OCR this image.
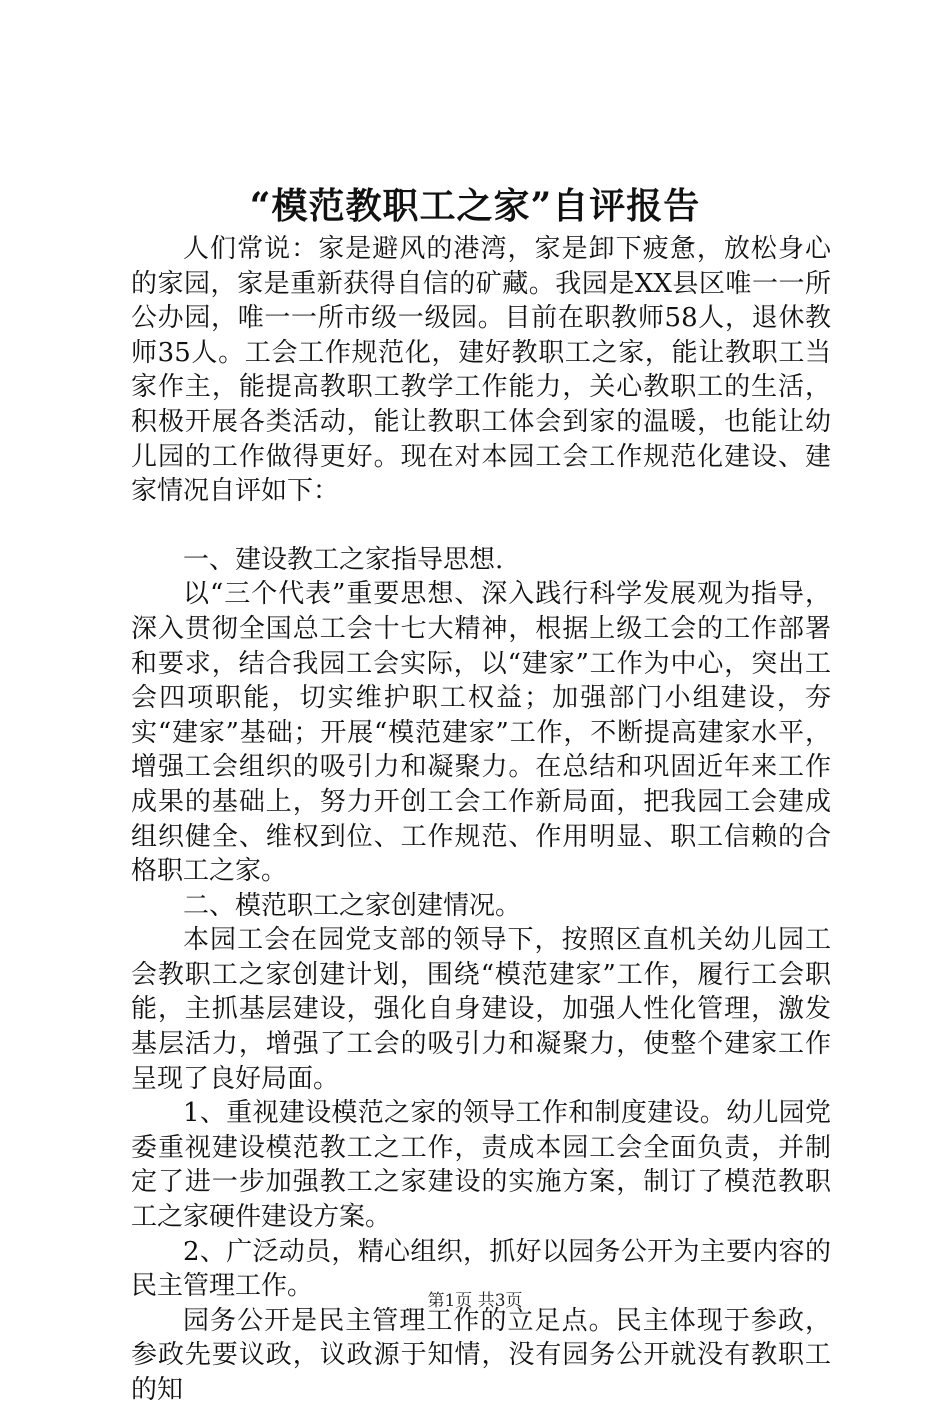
“模范教职工之家”自评报告

人们常说：家是避风的港湾，家是卸下疲惫，放松身心的家园，家是重新获得自信的矿藏。我园是XX县区唯一一所公办园，唯一一所市级一级园。目前在职教师58人，退休教师35人。工会工作规范化，建好教职工之家，能让教职工当家作主，能提高教职工教学工作能力，关心教职工的生活，积极开展各类活动，能让教职工体会到家的温暖，也能让幼儿园的工作做得更好。现在对本园工会工作规范化建设、建家情况自评如下：

一、建设教工之家指导思想.

以“三个代表”重要思想、深入践行科学发展观为指导，深入贯彻全国总工会十七大精神，根据上级工会的工作部署和要求，结合我园工会实际，以“建家”工作为中心，突出工会四项职能，切实维护职工权益；加强部门小组建设，夯实“建家”基础；开展“模范建家”工作，不断提高建家水平，增强工会组织的吸引力和凝聚力。在总结和巩固近年来工作成果的基础上，努力开创工会工作新局面，把我园工会建成组织健全、维权到位、工作规范、作用明显、职工信赖的合格职工之家。

二、模范职工之家创建情况。

本园工会在园党支部的领导下，按照区直机关幼儿园工会教职工之家创建计划，围绕“模范建家”工作，履行工会职能，主抓基层建设，强化自身建设，加强人性化管理，激发基层活力，增强了工会的吸引力和凝聚力，使整个建家工作呈现了良好局面。

1、重视建设模范之家的领导工作和制度建设。幼儿园党委重视建设模范教工之工作，责成本园工会全面负责，并制定了进一步加强教工之家建设的实施方案，制订了模范教职工之家硬件建设方案。

2、广泛动员，精心组织，抓好以园务公开为主要内容的民主管理工作。

园务公开是民主管理工作的立足点。民主体现于参政，参政先要议政，议政源于知情，没有园务公开就没有教职工的知

第1页 共3页
